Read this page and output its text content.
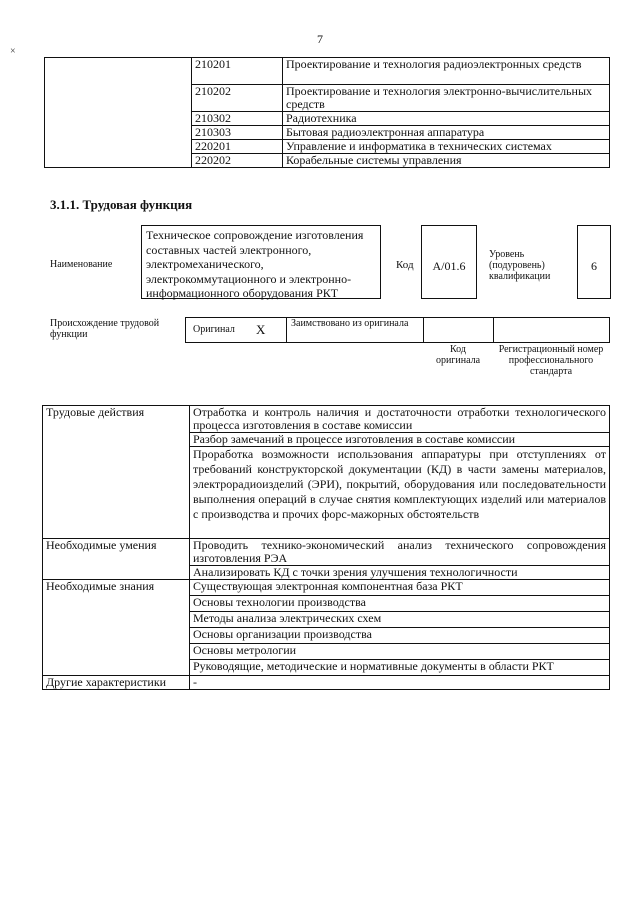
7
×
	210201	Проектирование и технология радиоэлектронных средств
	210202	Проектирование и технология электронно-вычислительных средств
	210302	Радиотехника
	210303	Бытовая радиоэлектронная аппаратура
	220201	Управление и информатика в технических системах
	220202	Корабельные системы управления
3.1.1. Трудовая функция
Наименование
Техническое сопровождение изготовления составных частей электронного, электромеханического, электрокоммутационного и электронно-информационного оборудования РКТ
Код	A/01.6
Уровень (подуровень) квалификации
6
Происхождение трудовой функции	Оригинал X	Заимствовано из оригинала
Код оригинала
Регистрационный номер профессионального стандарта
Трудовые действия	Отработка и контроль наличия и достаточности отработки технологического процесса изготовления в составе комиссии
	Разбор замечаний в процессе изготовления в составе комиссии
	Проработка возможности использования аппаратуры при отступлениях от требований конструкторской документации (КД) в части замены материалов, электрорадиоизделий (ЭРИ), покрытий, оборудования или последовательности выполнения операций в случае снятия комплектующих изделий или материалов с производства и прочих форс-мажорных обстоятельств
Необходимые умения	Проводить технико-экономический анализ технического сопровождения изготовления РЭА
	Анализировать КД с точки зрения улучшения технологичности
Необходимые знания	Существующая электронная компонентная база РКТ
	Основы технологии производства
	Методы анализа электрических схем
	Основы организации производства
	Основы метрологии
	Руководящие, методические и нормативные документы в области РКТ
Другие характеристики	-
